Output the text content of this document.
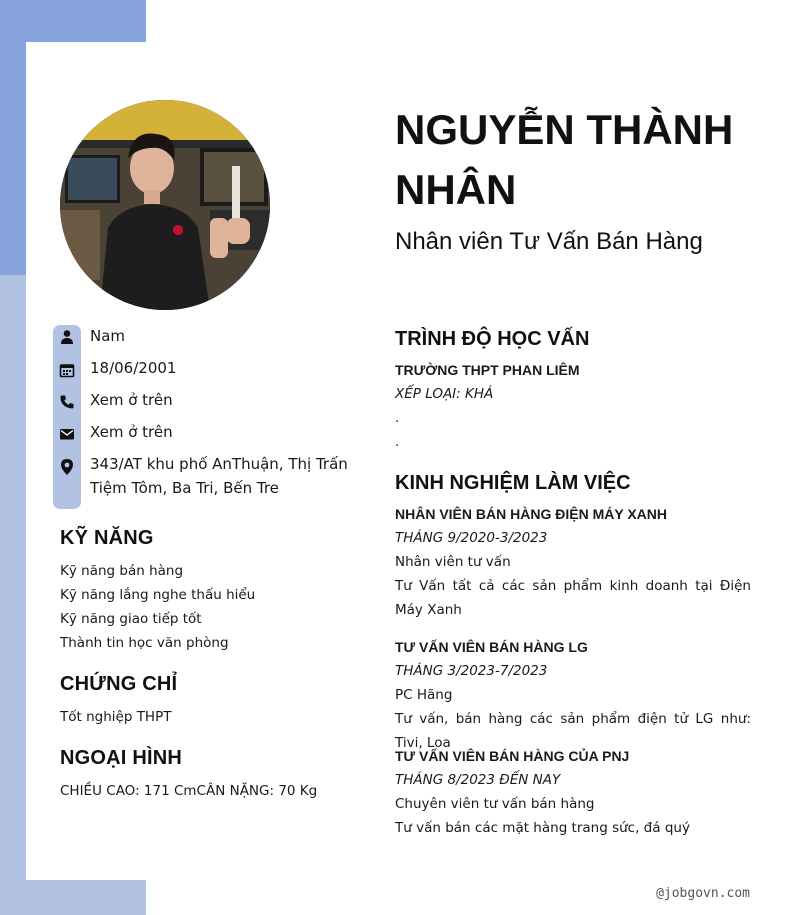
Nam
18/06/2001
Xem ở trên
Xem ở trên
343/AT khu phố AnThuận, Thị Trấn
Tiệm Tôm, Ba Tri, Bến Tre
KỸ NĂNG
Kỹ năng bán hàng
Kỹ năng lắng nghe thấu hiểu
Kỹ năng giao tiếp tốt
Thành tin học văn phòng
CHỨNG CHỈ
Tốt nghiệp THPT
NGOẠI HÌNH
CHIỀU CAO: 171 CmCÂN NẶNG: 70 Kg
NGUYỄN THÀNH NHÂN
Nhân viên Tư Vấn Bán Hàng
TRÌNH ĐỘ HỌC VẤN
TRƯỜNG THPT PHAN LIÊM
XẾP LOẠI: KHÁ
.
.
KINH NGHIỆM LÀM VIỆC
NHÂN VIÊN BÁN HÀNG ĐIỆN MÁY XANH
THÁNG 9/2020-3/2023
Nhân viên tư vấn
Tư Vấn tất cả các sản phẩm kinh doanh tại Điện Máy Xanh
TƯ VẤN VIÊN BÁN HÀNG LG
THÁNG 3/2023-7/2023
PC Hãng
Tư vấn, bán hàng các sản phẩm điện tử LG như: Tivi, Loa
TƯ VẤN VIÊN BÁN HÀNG CỦA PNJ
THÁNG 8/2023 ĐẾN NAY
Chuyên viên tư vấn bán hàng
Tư vấn bán các mặt hàng trang sức, đá quý
@jobgovn.com
